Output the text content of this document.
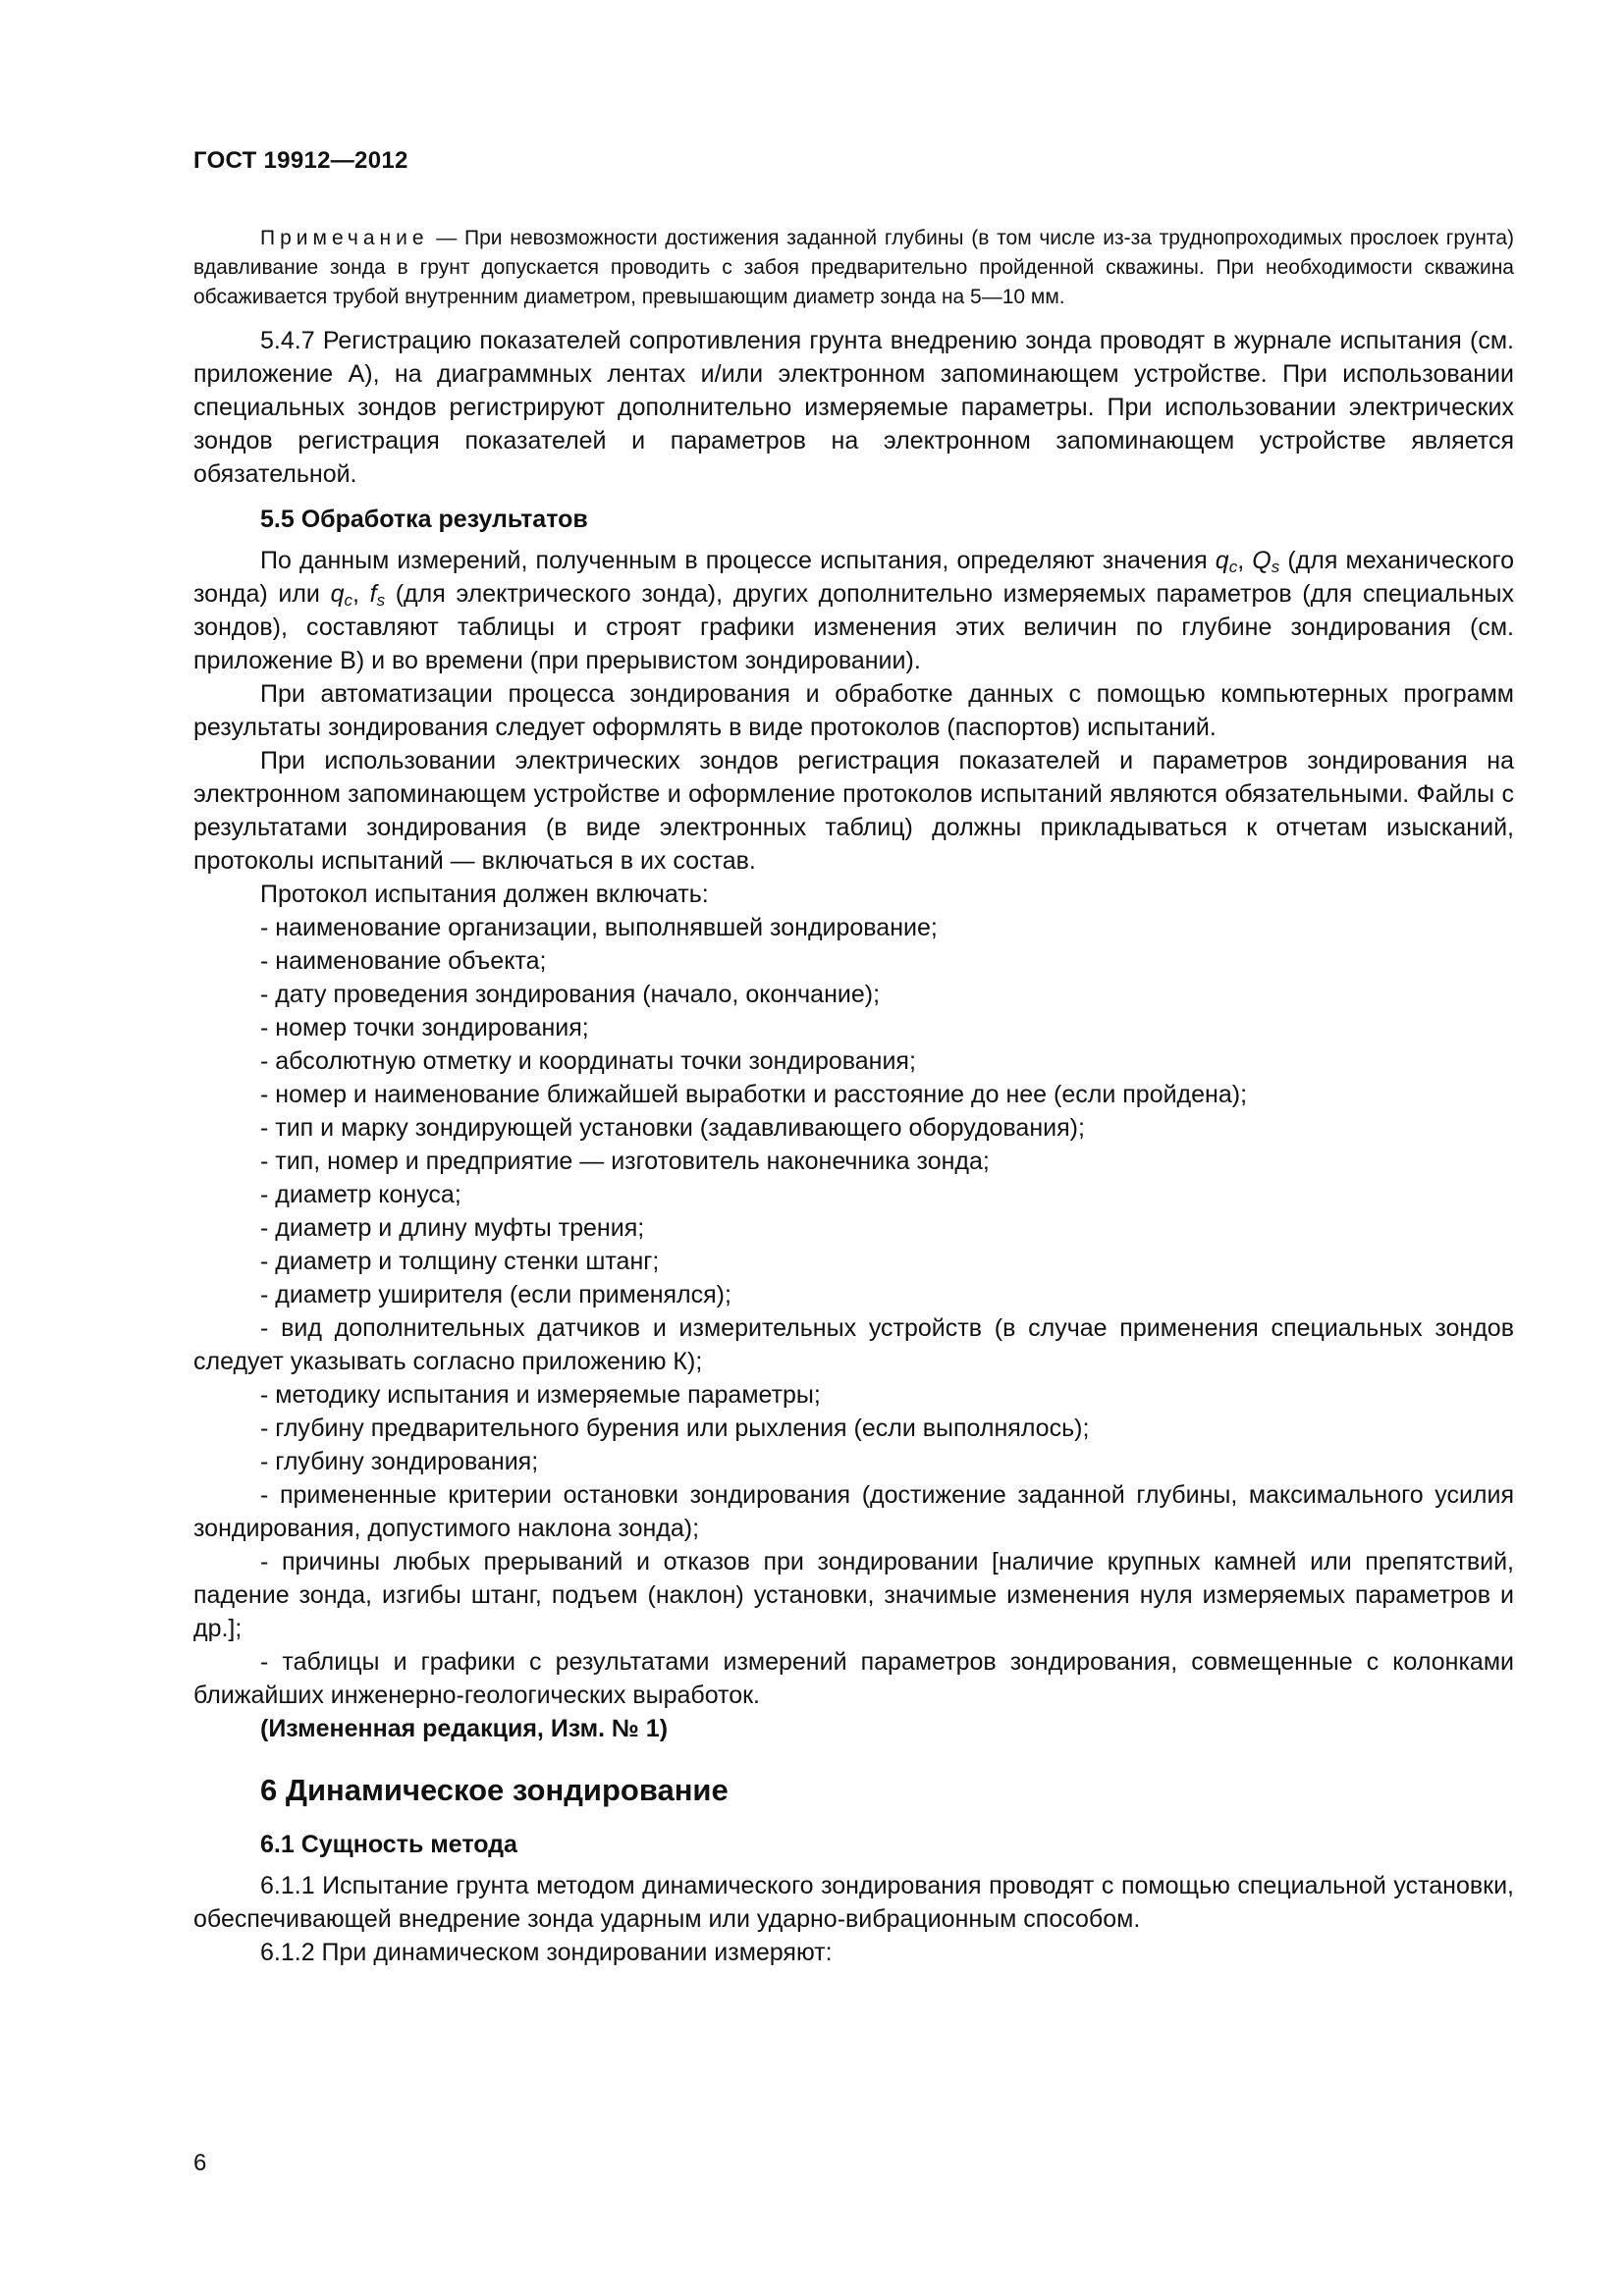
ГОСТ 19912—2012

Примечание — При невозможности достижения заданной глубины (в том числе из-за труднопроходимых прослоек грунта) вдавливание зонда в грунт допускается проводить с забоя предварительно пройденной скважины. При необходимости скважина обсаживается трубой внутренним диаметром, превышающим диаметр зонда на 5—10 мм.

5.4.7 Регистрацию показателей сопротивления грунта внедрению зонда проводят в журнале испытания (см. приложение А), на диаграммных лентах и/или электронном запоминающем устройстве. При использовании специальных зондов регистрируют дополнительно измеряемые параметры. При использовании электрических зондов регистрация показателей и параметров на электронном запоминающем устройстве является обязательной.

5.5 Обработка результатов

По данным измерений, полученным в процессе испытания, определяют значения $q_c$, $Q_s$ (для механического зонда) или $q_c$, $f_s$ (для электрического зонда), других дополнительно измеряемых параметров (для специальных зондов), составляют таблицы и строят графики изменения этих величин по глубине зондирования (см. приложение В) и во времени (при прерывистом зондировании).

При автоматизации процесса зондирования и обработке данных с помощью компьютерных программ результаты зондирования следует оформлять в виде протоколов (паспортов) испытаний.

При использовании электрических зондов регистрация показателей и параметров зондирования на электронном запоминающем устройстве и оформление протоколов испытаний являются обязательными. Файлы с результатами зондирования (в виде электронных таблиц) должны прикладываться к отчетам изысканий, протоколы испытаний — включаться в их состав.

Протокол испытания должен включать:

- наименование организации, выполнявшей зондирование;
- наименование объекта;
- дату проведения зондирования (начало, окончание);
- номер точки зондирования;
- абсолютную отметку и координаты точки зондирования;
- номер и наименование ближайшей выработки и расстояние до нее (если пройдена);
- тип и марку зондирующей установки (задавливающего оборудования);
- тип, номер и предприятие — изготовитель наконечника зонда;
- диаметр конуса;
- диаметр и длину муфты трения;
- диаметр и толщину стенки штанг;
- диаметр уширителя (если применялся);
- вид дополнительных датчиков и измерительных устройств (в случае применения специальных зондов следует указывать согласно приложению К);
- методику испытания и измеряемые параметры;
- глубину предварительного бурения или рыхления (если выполнялось);
- глубину зондирования;
- примененные критерии остановки зондирования (достижение заданной глубины, максимального усилия зондирования, допустимого наклона зонда);
- причины любых прерываний и отказов при зондировании [наличие крупных камней или препятствий, падение зонда, изгибы штанг, подъем (наклон) установки, значимые изменения нуля измеряемых параметров и др.];
- таблицы и графики с результатами измерений параметров зондирования, совмещенные с колонками ближайших инженерно-геологических выработок.

(Измененная редакция, Изм. № 1)

6 Динамическое зондирование
6.1 Сущность метода

6.1.1 Испытание грунта методом динамического зондирования проводят с помощью специальной установки, обеспечивающей внедрение зонда ударным или ударно-вибрационным способом.

6.1.2 При динамическом зондировании измеряют:

6
